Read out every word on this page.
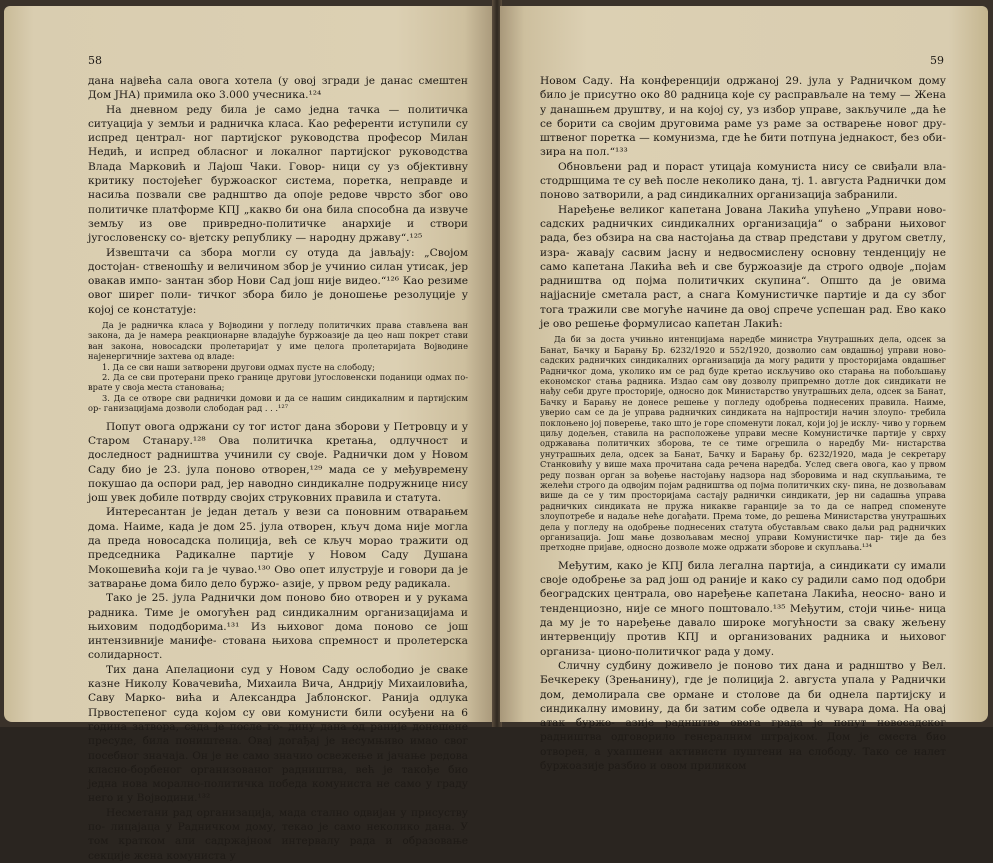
58

дана највећа сала овога хотела (у овој згради је данас смештен Дом ЈНА) примила око 3.000 учесника.¹²⁴

На дневном реду била је само једна тачка — политичка ситуација у земљи и радничка класа. Као референти иступили су испред централ- ног партијског руководства професор Милан Недић, и испред обласног и локалног партијског руководства Влада Марковић и Лајош Чаки. Говор- ници су уз објективну критику постојећег буржоаског система, поретка, неправде и насиља позвали све раднштво да опоје редове чврсто због ово политичке платформе КПЈ „какво би она била способна да извуче земљу из ове привредно-политичке анархије и створи југословенску со- вјетску републику — народну државу“.¹²⁵

Извештачи са зборa могли су отуда да јављају: „Својом достојан- ственошћу и величином збор је учинио силан утисак, јер овакав импо- зантан збор Нови Сад још није видео.“¹²⁶ Као резиме овог ширег поли- тичког збора било је доношење резолуције у којој се констатује:

Да је радничка класа у Војводини у погледу политичких права стављена ван закона, да је намера реакционарне владајуће буржоазије да цео наш покрет стави ван закона, новосадски пролетаријат у име целога пролетаријата Војводине најенергичније захтева од владе:

1. Да се сви наши затворени другови одмах пусте на слободу;

2. Да се сви протерани преко границе другови југословенски поданици одмах по- врате у своја места становања;

3. Да се отворе сви раднички домови и да се нашим синдикалним и партијским ор- ганизацијама дозволи слободан рад . . .¹²⁷

Попут овога одржани су тог истог дана зборови у Петровцу и у Старом Станару.¹²⁸ Ова политичка кретања, одлучност и доследност радништва учинили су своје. Раднички дом у Новом Саду био је 23. јула поново отворен,¹²⁹ мада се у међувремену покушао да оспори рад, јер наводно синдикалне подружнице нису још увек добиле потврду својих струковних правила и статута.

Интересантан је један детаљ у вези са поновним отварањем дома. Наиме, када је дом 25. јула отворен, кључ дома није могла да преда новосадска полиција, већ се кључ морао тражити од председника Радикалне партије у Новом Саду Душана Мокошевића који га је чувао.¹³⁰ Ово опет илуструје и говори да је затварање дома било дело буржо- азије, у првом реду радикала.

Тако је 25. јула Раднички дом поново био отворен и у рукама радника. Тиме је омогућен рад синдикалним организацијама и њиховим пододборима.¹³¹ Из њиховог дома поново се још интензивније манифе- стована њихова спремност и пролетерска солидарност.

Тих дана Апелациони суд у Новом Саду ослободио је сваке казне Николу Ковачевића, Михаила Вича, Андрију Михаиловића, Саву Марко- вића и Александра Јаблонског. Ранија одлука Првостепеног суда којом су ови комунисти били осуђени на 6 година затвора, сада је после го- дину дана од раније донешене пресуде, била поништена. Овај догађај је несумњиво имао свог посебног значаја. Он је не само значио освежење и јачање редова класно-борбеног организованог радништва, већ је такође био једна нова морално-политичка победа комуниста не само у граду него и у Војводини.¹³²

Несметани рад организација, мада стално одвијан у присуству по- лицајаца у Радничком дому, текао је само неколико дана. У том кратком али садржајном интервалу рада и образовање секције жена комуниста у

59

Новом Саду. На конференцији одржаној 29. јула у Радничком дому било је присутно око 80 радница које су расправљале на тему — Жена у данашњем друштву, и на којој су, уз избор управе, закључиле „да ће се борити са својим друговима раме уз раме за остварење новог дру- штвеног поретка — комунизма, где ће бити потпуна једнакост, без оби- зира на пол.“¹³³

Обновљени рад и пораст утицаја комуниста нису се свиђали вла- стодршцима те су већ после неколико дана, тј. 1. августа Раднички дом поново затворили, а рад синдикалних организација забранили.

Наређење великог капетана Јована Лакића упућено „Управи ново- садских радничких синдикалних организација“ о забрани њиховог рада, без обзира на сва настојања да ствар представи у другом светлу, изра- жавају сасвим јасну и недвосмислену основну тенденцију не само капетана Лакића већ и све буржоазије да строго одвоје „појам радништва од појма политичких скупина“. Општо да је овима најјасније сметала раст, а снага Комунистичке партије и да су због тога тражили све могуће начине да овој спрече успешан рад. Ево како је ово решење формулисао капетан Лакић:

Да би за доста учињно интенцијама наредбе министра Унутрашњих дела, одсек за Банат, Бачку и Барању Бр. 6232/1920 и 552/1920, дозволио сам овдашњој управи ново- садских радничких синдикалних организација да могу радити у просторијама овдашњег Радничког дома, уколико им се рад буде кретао искључиво око старања на побољшању економског стања радника. Издао сам ову дозволу припремно дотле док синдикати не нађу себи друге просторије, односно док Министарство унутрашњих дела, одсек за Банат, Бачку и Барању не донесе решење у погледу одобрења поднесених правила. Наиме, уверио сам се да је управа радничких синдиката на најпростији начин злоупо- требила поклоњено јој поверење, тако што је горе споменути локал, који јој је исклу- чиво у горњем циљу додељен, ставила на расположење управи месне Комунистичке партије у сврху одржавања политичких зборова, те се тиме огрешила о наредбу Ми- нистарства унутрашњих дела, одсек за Банат, Бачку и Барању бр. 6232/1920, мада је секретару Станковићу у више маха прочитана сада речена наредба. Услед свега овога, као у првом реду позван орган за вођење настојању надзора над зборовима и над скупљањима, те желећи строго да одвојим појам радништва од појма политичких ску- пина, не дозвољавам више да се у тим просторијама састају раднички синдикати, јер ни садашња управа радничких синдиката не пружа никакве гаранције за то да се напред споменуте злоупотребе и надаље неће догађати. Према томе, до решења Министарства унутрашњих дела у погледу на одобрење поднесених статута обустављам свако даљи рад радничких организација. Још мање дозвољавам месној управи Комунистичке пар- тије да без претходне пријаве, односно дозволе може одржати зборове и скупљања.¹³⁴

Међутим, како је КПЈ била легална партија, а синдикати су имали своје одобрење за рад још од раније и како су радили само под одобри београдских централа, ово наређење капетана Лакића, неосно- вано и тенденциозно, није се много поштовало.¹³⁵ Међутим, стоји чиње- ница да му је то наређење давало широке могућности за сваку жељену интервенцију против КПЈ и организованих радника и њиховог организа- ционо-политичког рада у дому.

Сличну судбину доживело је поново тих дана и раднштво у Вел. Бечкереку (Зрењанину), где је полиција 2. августа упала у Раднички дом, демолирала све ормане и столове да би однела партијску и синдикалну имовину, да би затим собе одвела и чувара дома. На овај атак буржо- азије раднштво овога града је попут новосадског радништва одговорило генералним штрајком. Дом је сместа био отворен, а ухапшени активисти пуштени на слободу. Тако се налет буржоазије разбио и овом приликом
